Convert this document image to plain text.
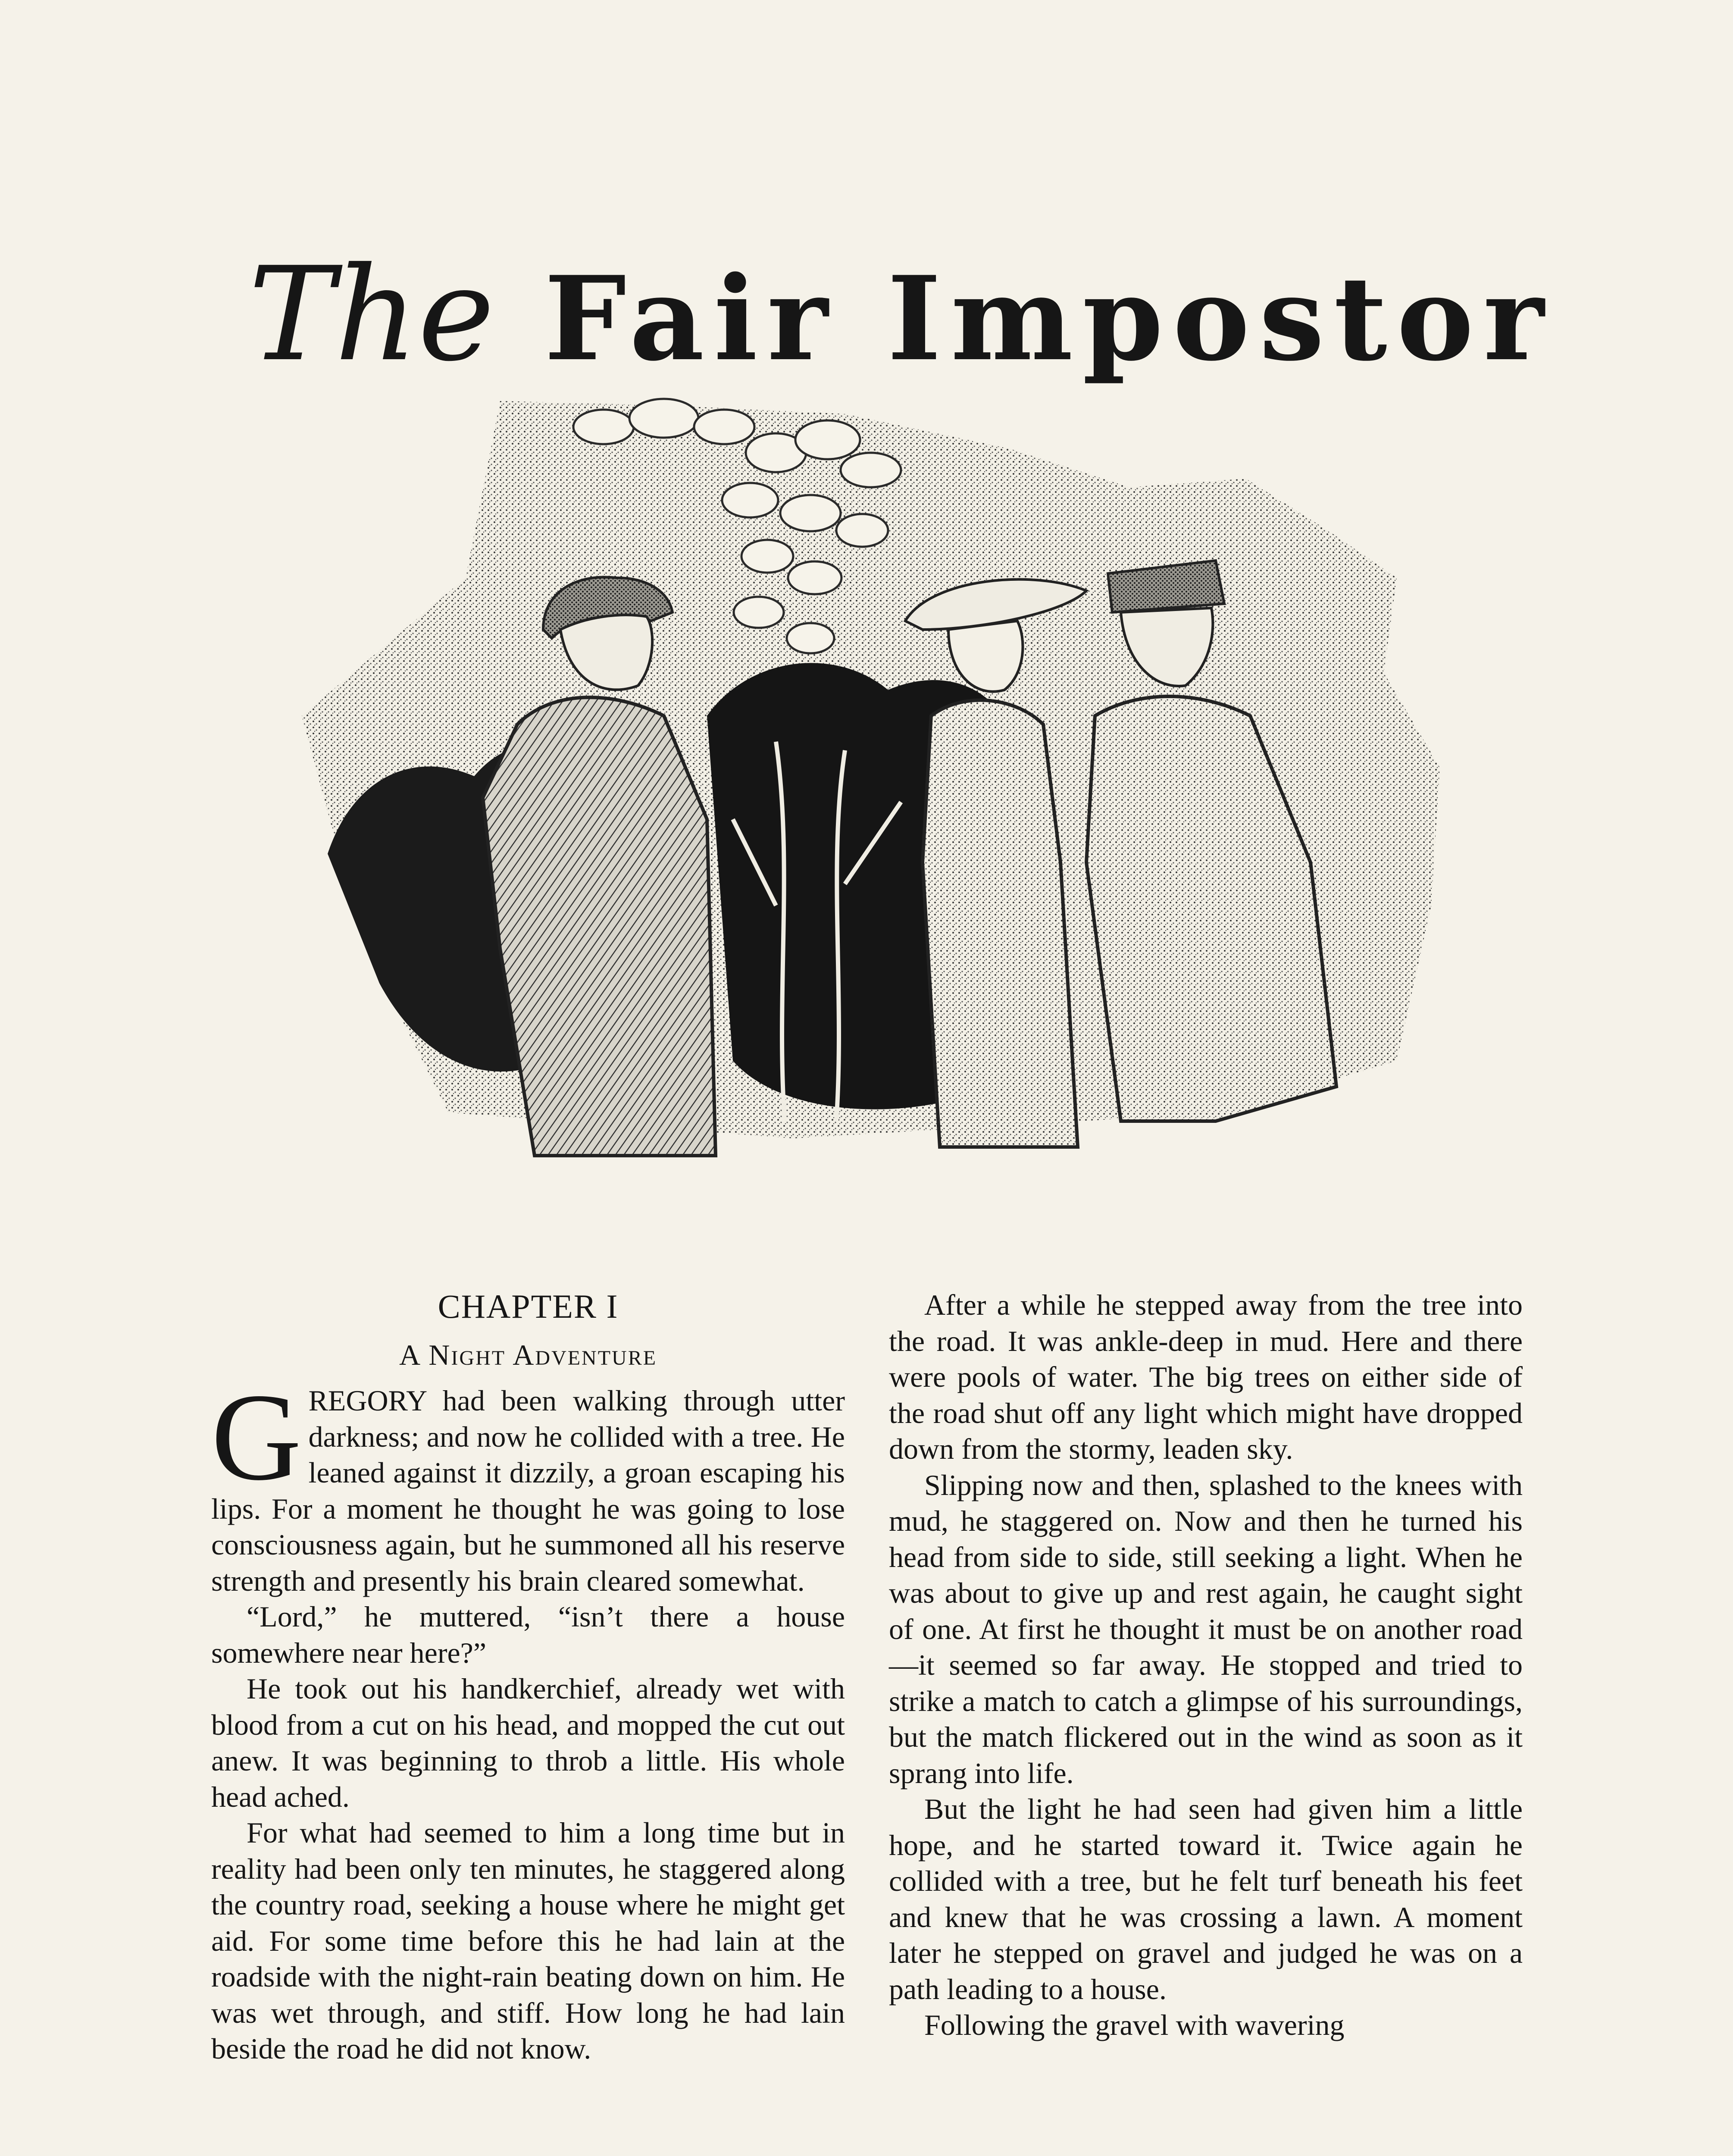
The Fair Impostor
CHAPTER I
A Night Adventure

GREGORY had been walking through utter darkness; and now he collided with a tree. He leaned against it dizzily, a groan escaping his lips. For a moment he thought he was going to lose consciousness again, but he summoned all his reserve strength and presently his brain cleared somewhat.

“Lord,” he muttered, “isn’t there a house somewhere near here?”

He took out his handkerchief, already wet with blood from a cut on his head, and mopped the cut out anew. It was beginning to throb a little. His whole head ached.

For what had seemed to him a long time but in reality had been only ten minutes, he staggered along the country road, seeking a house where he might get aid. For some time before this he had lain at the roadside with the night-rain beating down on him. He was wet through, and stiff. How long he had lain beside the road he did not know.

After a while he stepped away from the tree into the road. It was ankle-deep in mud. Here and there were pools of water. The big trees on either side of the road shut off any light which might have dropped down from the stormy, leaden sky.

Slipping now and then, splashed to the knees with mud, he staggered on. Now and then he turned his head from side to side, still seeking a light. When he was about to give up and rest again, he caught sight of one. At first he thought it must be on another road—it seemed so far away. He stopped and tried to strike a match to catch a glimpse of his surroundings, but the match flickered out in the wind as soon as it sprang into life.

But the light he had seen had given him a little hope, and he started toward it. Twice again he collided with a tree, but he felt turf beneath his feet and knew that he was crossing a lawn. A moment later he stepped on gravel and judged he was on a path leading to a house.

Following the gravel with wavering
